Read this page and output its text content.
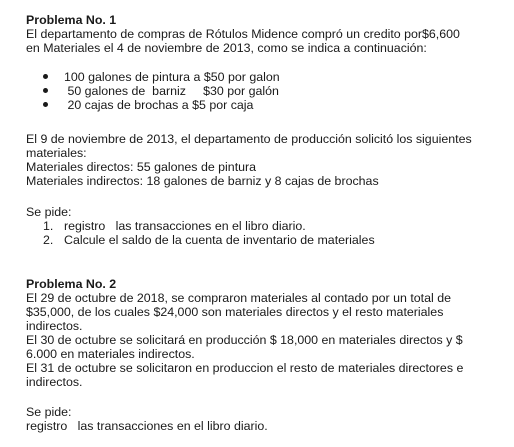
Problema No. 1
El departamento de compras de Rótulos Midence compró un credito por$6,600
en Materiales el 4 de noviembre de 2013, como se indica a continuación:
100 galones de pintura a $50 por galon
50 galones de  barniz     $30 por galón
20 cajas de brochas a $5 por caja
El 9 de noviembre de 2013, el departamento de producción solicitó los siguientes
materiales:
Materiales directos: 55 galones de pintura
Materiales indirectos: 18 galones de barniz y 8 cajas de brochas
Se pide:
1. registro   las transacciones en el libro diario.
2. Calcule el saldo de la cuenta de inventario de materiales
Problema No. 2
El 29 de octubre de 2018, se compraron materiales al contado por un total de
$35,000, de los cuales $24,000 son materiales directos y el resto materiales
indirectos.
El 30 de octubre se solicitará en producción $ 18,000 en materiales directos y $
6.000 en materiales indirectos.
El 31 de octubre se solicitaron en produccion el resto de materiales directores e
indirectos.
Se pide:
registro   las transacciones en el libro diario.
